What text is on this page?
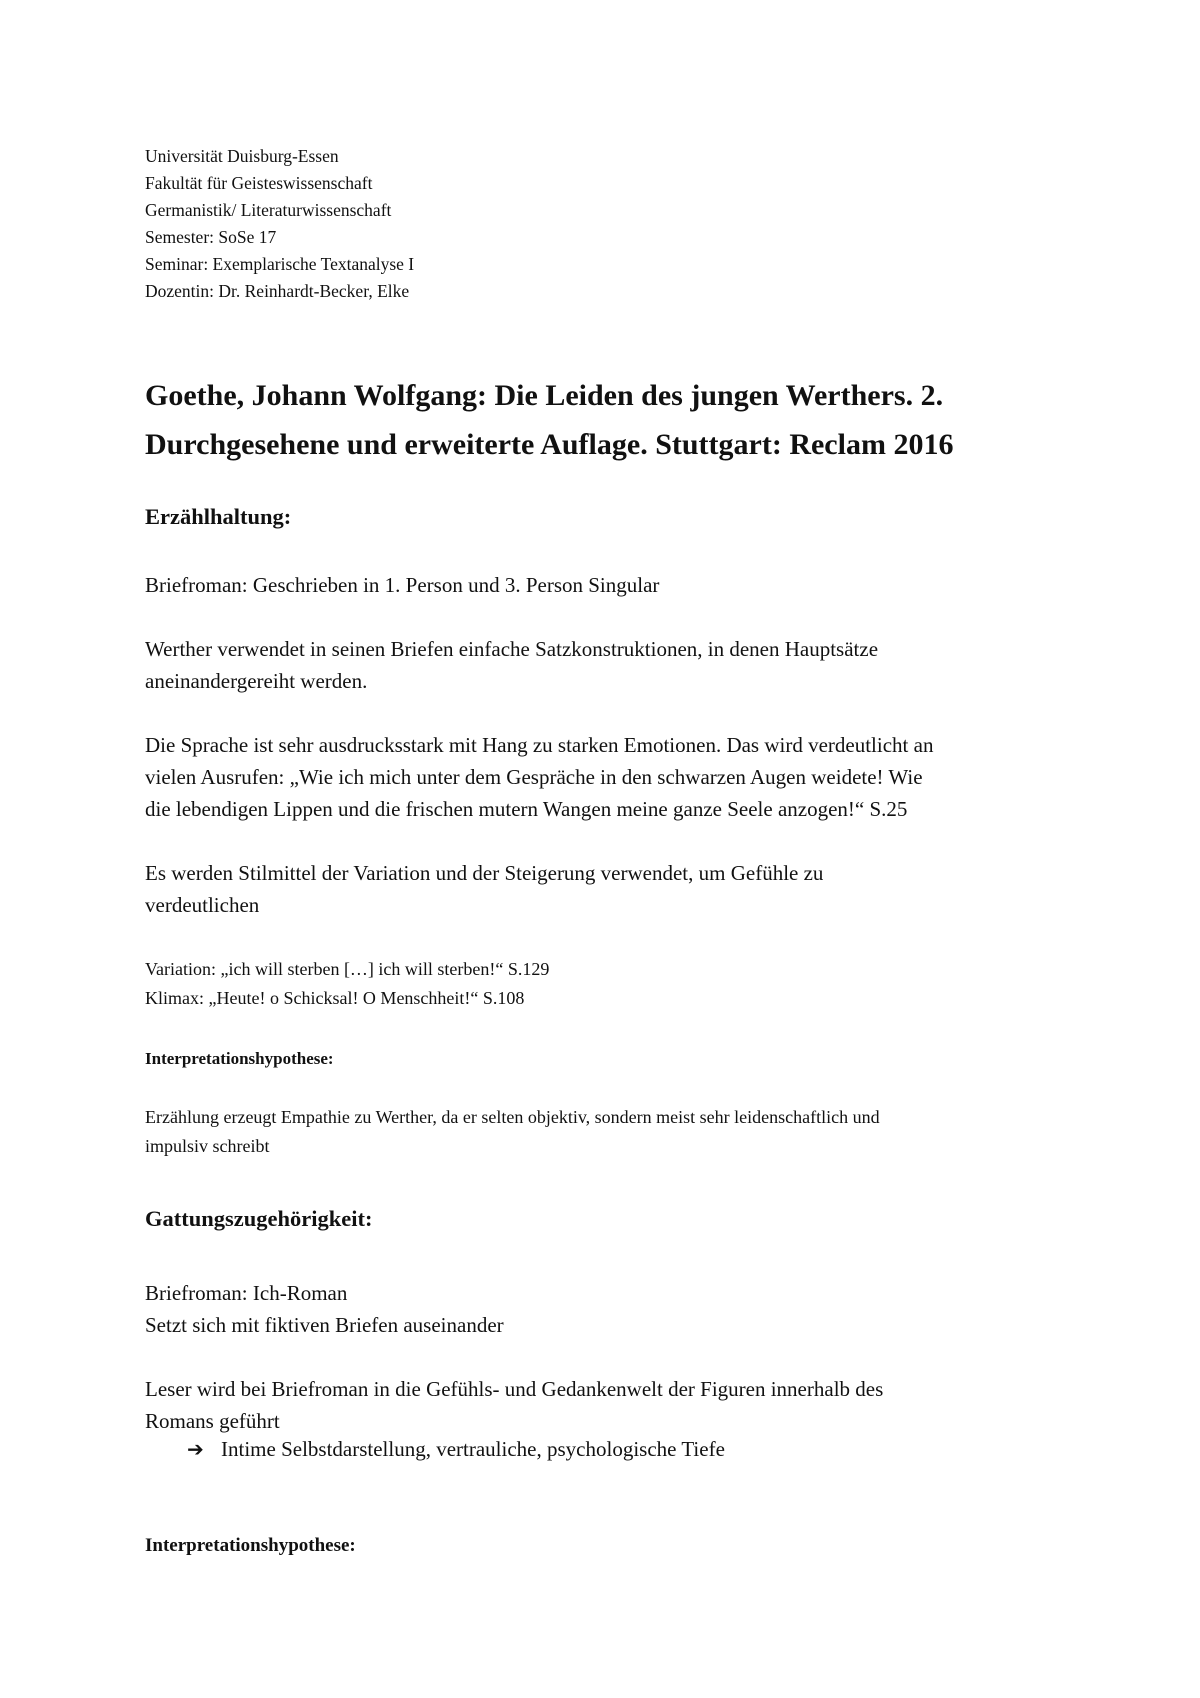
Universität Duisburg-Essen
Fakultät für Geisteswissenschaft
Germanistik/ Literaturwissenschaft
Semester: SoSe 17
Seminar: Exemplarische Textanalyse I
Dozentin: Dr. Reinhardt-Becker, Elke
Goethe, Johann Wolfgang: Die Leiden des jungen Werthers. 2.
Durchgesehene und erweiterte Auflage. Stuttgart: Reclam 2016
Erzählhaltung:
Briefroman: Geschrieben in 1. Person und 3. Person Singular
Werther verwendet in seinen Briefen einfache Satzkonstruktionen, in denen Hauptsätze
aneinandergereiht werden.
Die Sprache ist sehr ausdrucksstark mit Hang zu starken Emotionen. Das wird verdeutlicht an
vielen Ausrufen: „Wie ich mich unter dem Gespräche in den schwarzen Augen weidete! Wie
die lebendigen Lippen und die frischen mutern Wangen meine ganze Seele anzogen!“ S.25
Es werden Stilmittel der Variation und der Steigerung verwendet, um Gefühle zu
verdeutlichen
Variation: „ich will sterben […] ich will sterben!“ S.129
Klimax: „Heute! o Schicksal! O Menschheit!“ S.108
Interpretationshypothese:
Erzählung erzeugt Empathie zu Werther, da er selten objektiv, sondern meist sehr leidenschaftlich und
impulsiv schreibt
Gattungszugehörigkeit:
Briefroman: Ich-Roman
Setzt sich mit fiktiven Briefen auseinander
Leser wird bei Briefroman in die Gefühls- und Gedankenwelt der Figuren innerhalb des
Romans geführt
➔ Intime Selbstdarstellung, vertrauliche, psychologische Tiefe
Interpretationshypothese:
